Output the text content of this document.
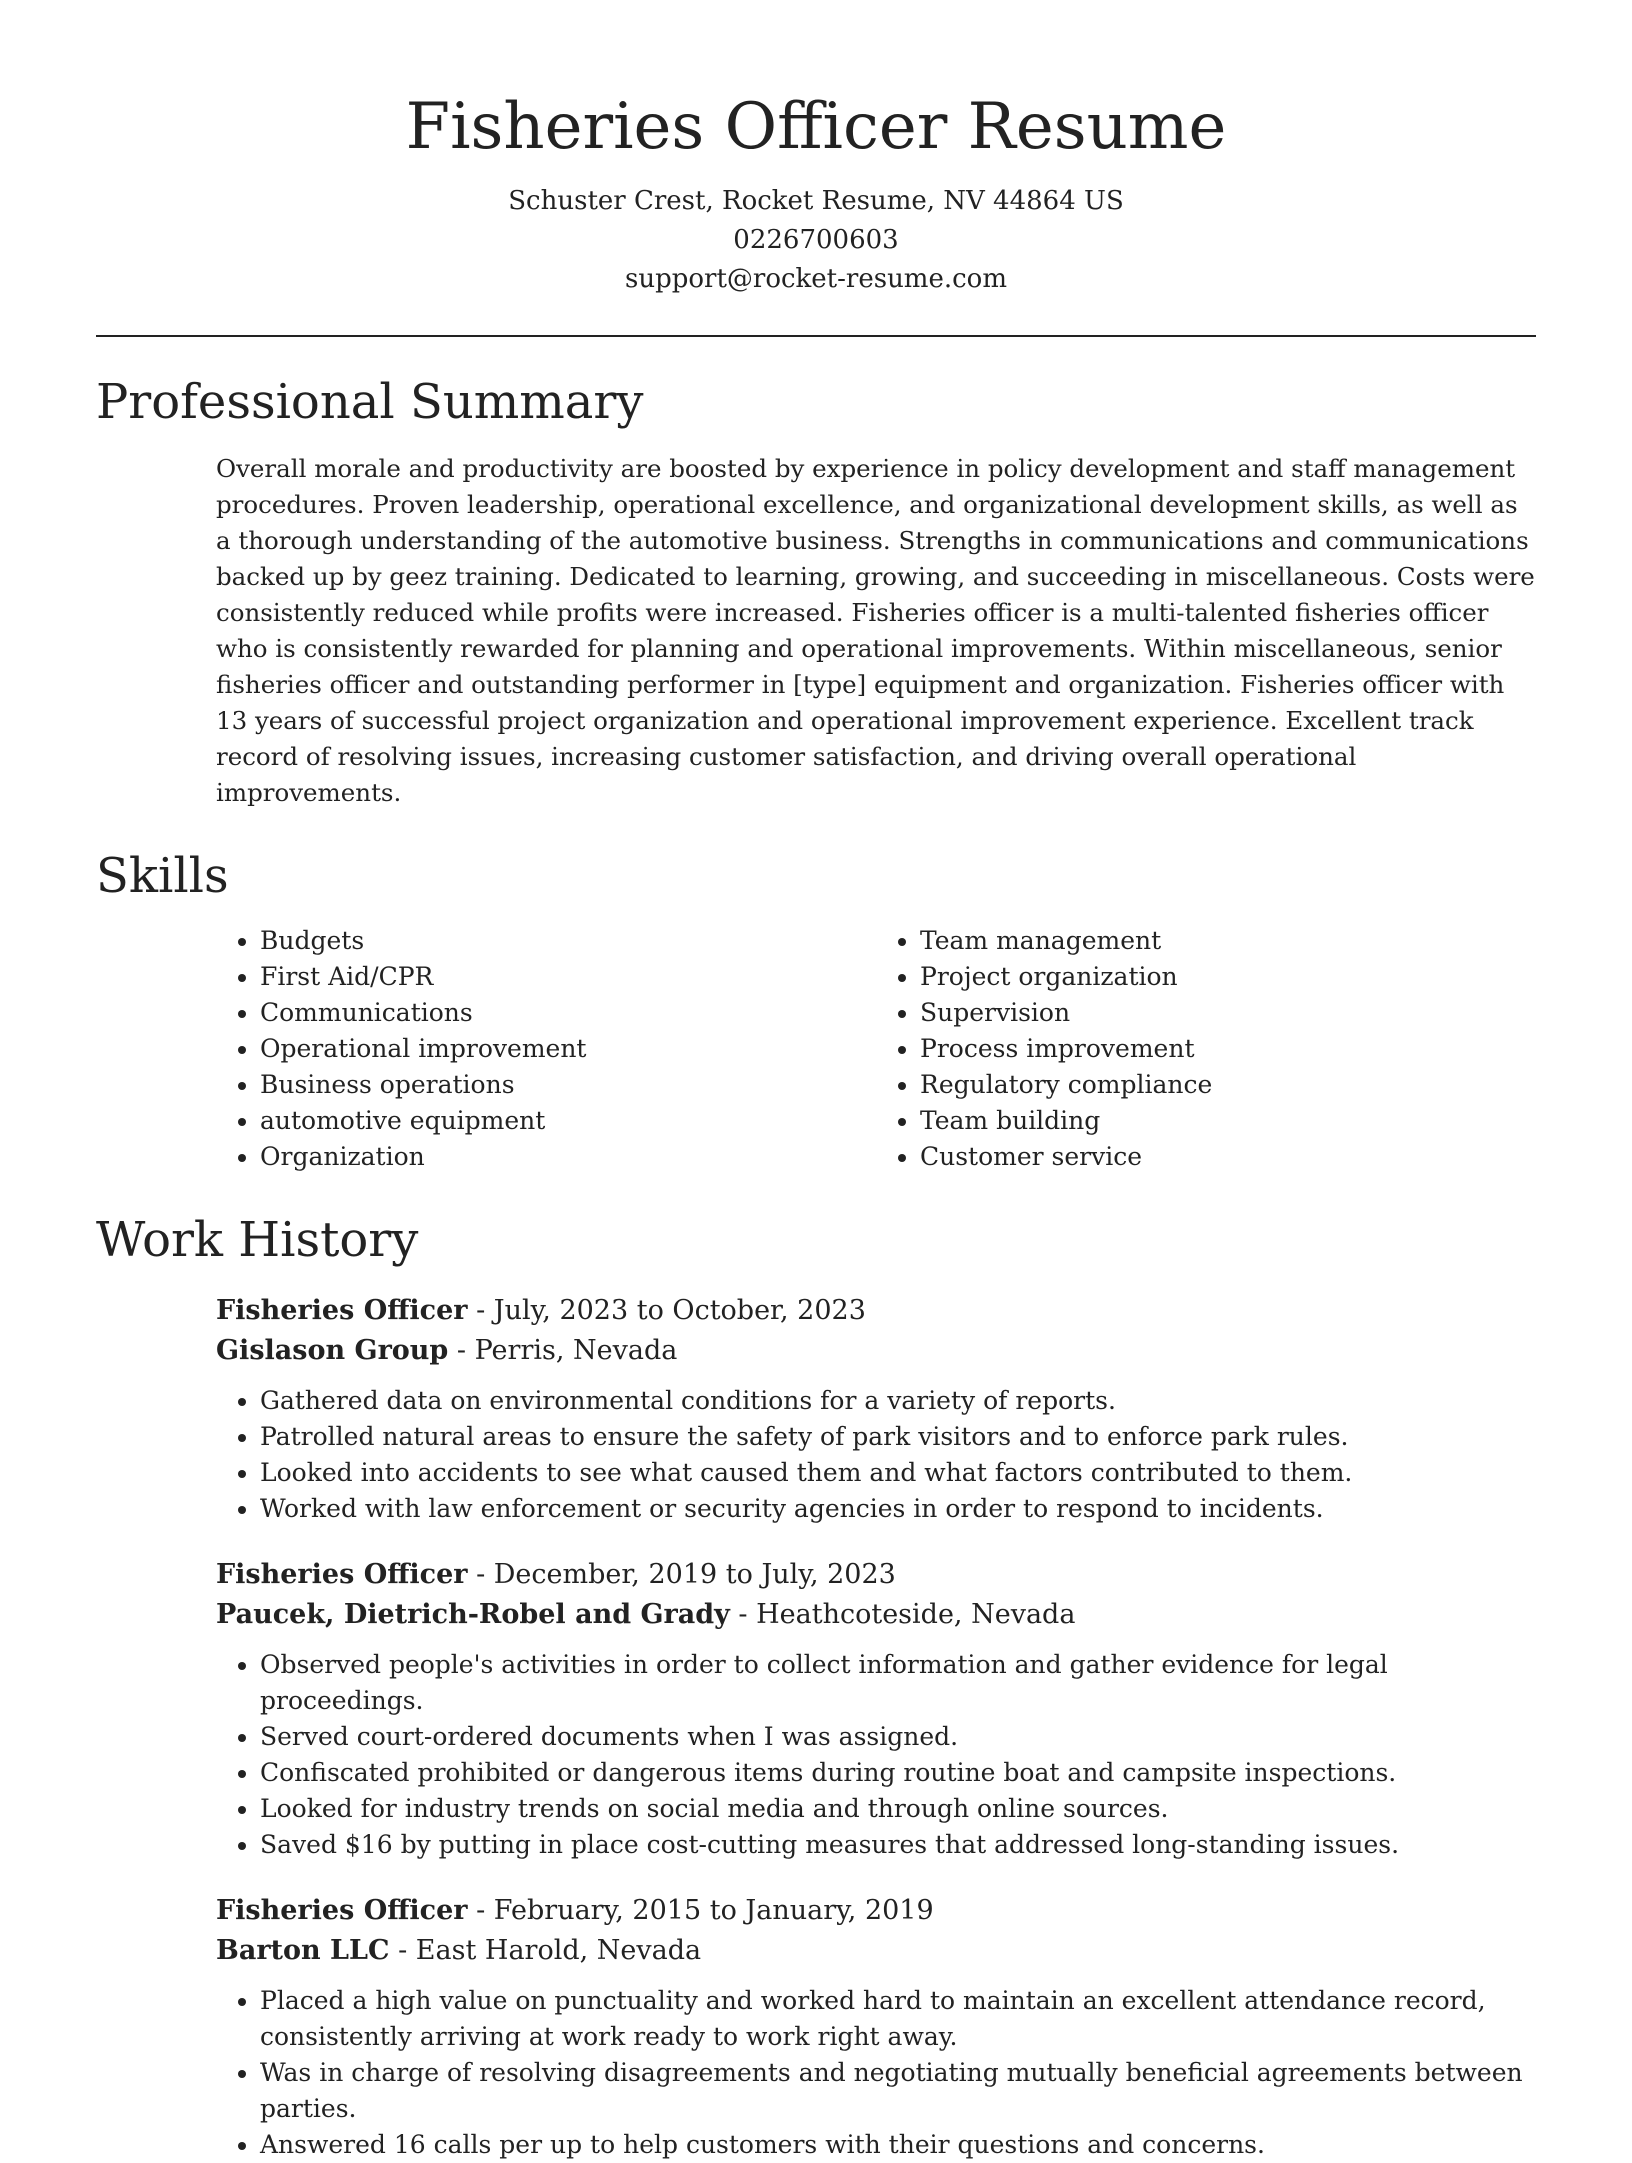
Fisheries Officer Resume
Schuster Crest, Rocket Resume, NV 44864 US
0226700603
support@rocket-resume.com
Professional Summary

Overall morale and productivity are boosted by experience in policy development and staff management procedures. Proven leadership, operational excellence, and organizational development skills, as well as a thorough understanding of the automotive business. Strengths in communications and communications backed up by geez training. Dedicated to learning, growing, and succeeding in miscellaneous. Costs were consistently reduced while profits were increased. Fisheries officer is a multi-talented fisheries officer who is consistently rewarded for planning and operational improvements. Within miscellaneous, senior fisheries officer and outstanding performer in [type] equipment and organization. Fisheries officer with 13 years of successful project organization and operational improvement experience. Excellent track record of resolving issues, increasing customer satisfaction, and driving overall operational improvements.

Skills
• Budgets
• First Aid/CPR
• Communications
• Operational improvement
• Business operations
• automotive equipment
• Organization
• Team management
• Project organization
• Supervision
• Process improvement
• Regulatory compliance
• Team building
• Customer service
Work History
Fisheries Officer - July, 2023 to October, 2023
Gislason Group - Perris, Nevada
• Gathered data on environmental conditions for a variety of reports.
• Patrolled natural areas to ensure the safety of park visitors and to enforce park rules.
• Looked into accidents to see what caused them and what factors contributed to them.
• Worked with law enforcement or security agencies in order to respond to incidents.
Fisheries Officer - December, 2019 to July, 2023
Paucek, Dietrich-Robel and Grady - Heathcoteside, Nevada
• Observed people's activities in order to collect information and gather evidence for legal proceedings.
• Served court-ordered documents when I was assigned.
• Confiscated prohibited or dangerous items during routine boat and campsite inspections.
• Looked for industry trends on social media and through online sources.
• Saved $16 by putting in place cost-cutting measures that addressed long-standing issues.
Fisheries Officer - February, 2015 to January, 2019
Barton LLC - East Harold, Nevada
• Placed a high value on punctuality and worked hard to maintain an excellent attendance record, consistently arriving at work ready to work right away.
• Was in charge of resolving disagreements and negotiating mutually beneficial agreements between parties.
• Answered 16 calls per up to help customers with their questions and concerns.
